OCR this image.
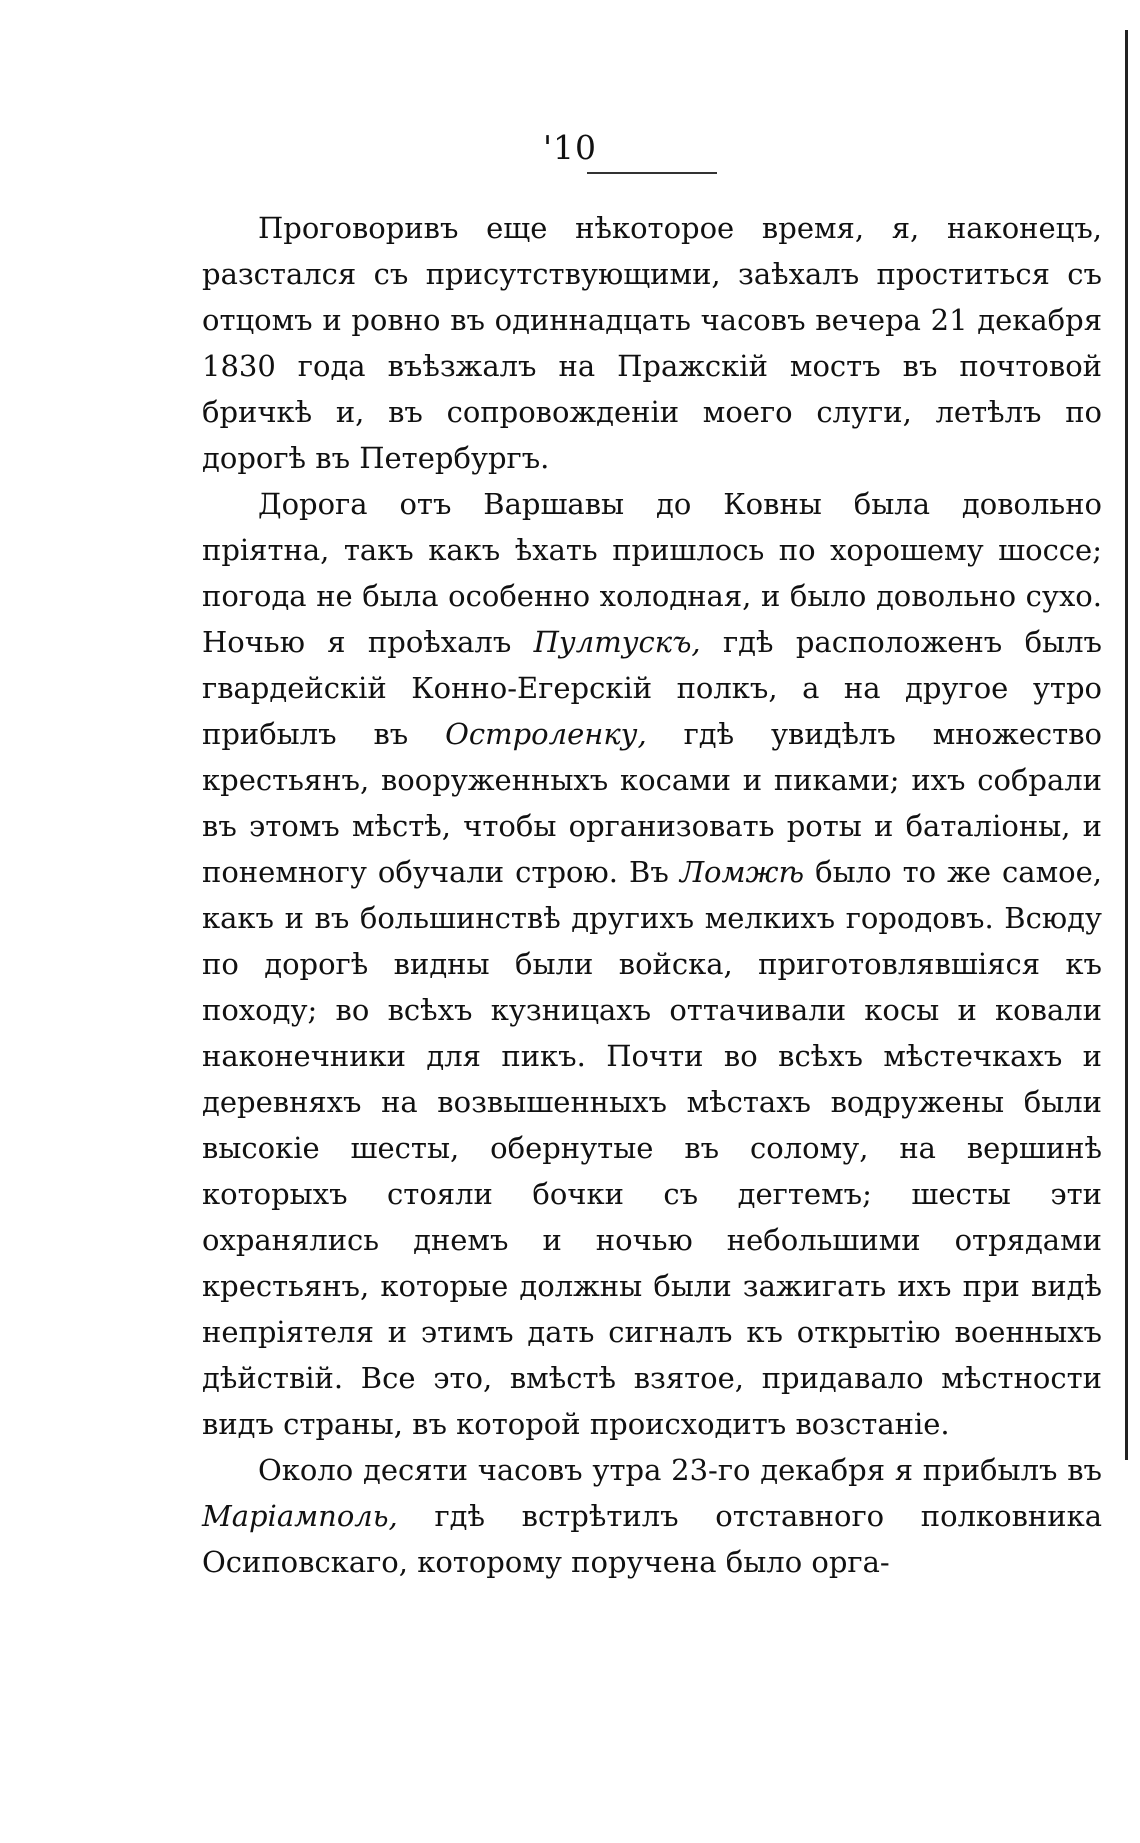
'10

Проговоривъ еще нѣкоторое время, я, наконецъ, разстался съ присутствующими, заѣхалъ проститься съ отцомъ и ровно въ одиннадцать часовъ вечера 21 декабря 1830 года въѣзжалъ на Пражскій мостъ въ почтовой бричкѣ и, въ сопровожденіи моего слуги, летѣлъ по дорогѣ въ Петербургъ.

Дорога отъ Варшавы до Ковны была довольно пріятна, такъ какъ ѣхать пришлось по хорошему шоссе; погода не была особенно холодная, и было довольно сухо. Ночью я проѣхалъ Пултускъ, гдѣ расположенъ былъ гвардейскій Конно-Егерскій полкъ, а на другое утро прибылъ въ Остроленку, гдѣ увидѣлъ множество крестьянъ, вооруженныхъ косами и пиками; ихъ собрали въ этомъ мѣстѣ, чтобы организовать роты и баталіоны, и понемногу обучали строю. Въ Ломжѣ было то же самое, какъ и въ большинствѣ другихъ мелкихъ городовъ. Всюду по дорогѣ видны были войска, приготовлявшіяся къ походу; во всѣхъ кузницахъ оттачивали косы и ковали наконечники для пикъ. Почти во всѣхъ мѣстечкахъ и деревняхъ на возвышенныхъ мѣстахъ водружены были высокіе шесты, обернутые въ солому, на вершинѣ которыхъ стояли бочки съ дегтемъ; шесты эти охранялись днемъ и ночью небольшими отрядами крестьянъ, которые должны были зажигать ихъ при видѣ непріятеля и этимъ дать сигналъ къ открытію военныхъ дѣйствій. Все это, вмѣстѣ взятое, придавало мѣстности видъ страны, въ которой происходитъ возстаніе.

Около десяти часовъ утра 23-го декабря я прибылъ въ Маріамполь, гдѣ встрѣтилъ отставного полковника Осиповскаго, которому поручена было орга-
